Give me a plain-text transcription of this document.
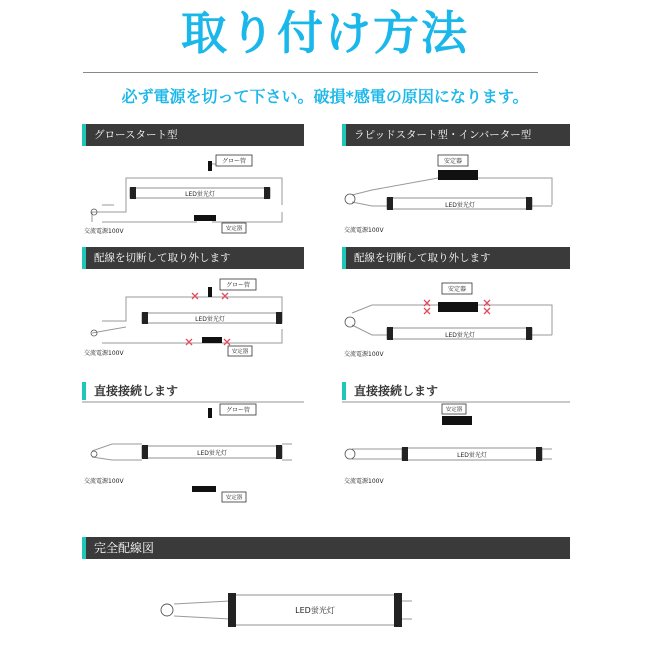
取り付け方法
必ず電源を切って下さい。破損*感電の原因になります。
グロースタート型	ラピッドスタート型・インバーター型
配線を切断して取り外します	配線を切断して取り外します
直接接続します	直接接続します
完全配線図
LED蛍光灯
グロー管
安定器
交流電源100V
安定器
LED蛍光灯
交流電源100V
LED蛍光灯
グロー管
安定器
交流電源100V
安定器
LED蛍光灯
交流電源100V
グロー管
LED蛍光灯
交流電源100V
安定器
安定器
LED蛍光灯
交流電源100V
LED蛍光灯
